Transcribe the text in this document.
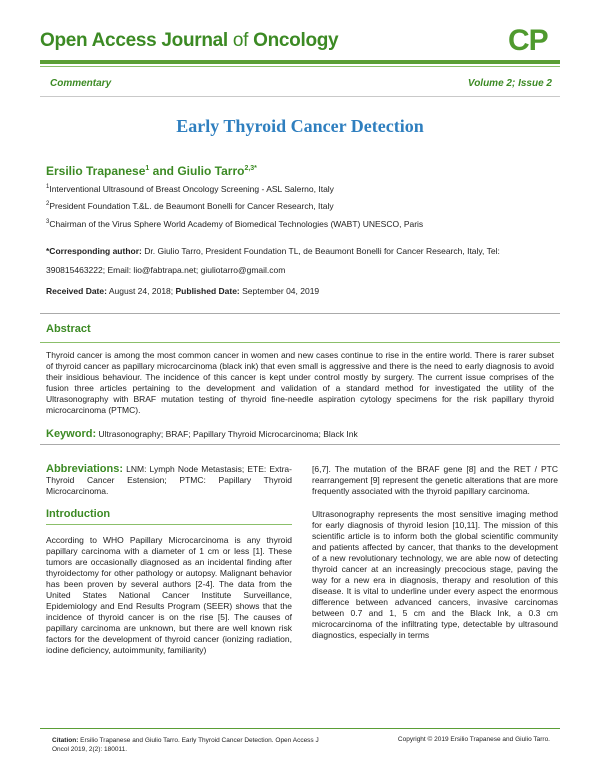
Open Access Journal of Oncology	CP
Commentary	Volume 2; Issue 2
Early Thyroid Cancer Detection
Ersilio Trapanese$^1$ and Giulio Tarro$^{2,3*}$
$^1$Interventional Ultrasound of Breast Oncology Screening - ASL Salerno, Italy
$^2$President Foundation T.&L. de Beaumont Bonelli for Cancer Research, Italy
$^3$Chairman of the Virus Sphere World Academy of Biomedical Technologies (WABT) UNESCO, Paris
*Corresponding author: Dr. Giulio Tarro, President Foundation TL, de Beaumont Bonelli for Cancer Research, Italy, Tel: 390815463222; Email: lio@fabtrapa.net; giuliotarro@gmail.com
Received Date: August 24, 2018; Published Date: September 04, 2019
Abstract

Thyroid cancer is among the most common cancer in women and new cases continue to rise in the entire world. There is rarer subset of thyroid cancer as papillary microcarcinoma (black ink) that even small is aggressive and there is the need to early diagnosis to avoid their insidious behaviour. The incidence of this cancer is kept under control mostly by surgery. The current issue comprises of the fusion three articles pertaining to the development and validation of a standard method for investigated the utility of the Ultrasonography with BRAF mutation testing of thyroid fine-needle aspiration cytology specimens for the risk papillary thyroid microcarcinoma (PTMC).

Keyword: Ultrasonography; BRAF; Papillary Thyroid Microcarcinoma; Black Ink

Abbreviations: LNM: Lymph Node Metastasis; ETE: Extra-Thyroid Cancer Estension; PTMC: Papillary Thyroid Microcarcinoma.

Introduction

According to WHO Papillary Microcarcinoma is any thyroid papillary carcinoma with a diameter of 1 cm or less [1]. These tumors are occasionally diagnosed as an incidental finding after thyroidectomy for other pathology or autopsy. Malignant behavior has been proven by several authors [2-4]. The data from the United States National Cancer Institute Surveillance, Epidemiology and End Results Program (SEER) shows that the incidence of thyroid cancer is on the rise [5]. The causes of papillary carcinoma are unknown, but there are well known risk factors for the development of thyroid cancer (ionizing radiation, iodine deficiency, autoimmunity, familiarity)

[6,7]. The mutation of the BRAF gene [8] and the RET / PTC rearrangement [9] represent the genetic alterations that are more frequently associated with the thyroid papillary carcinoma.

Ultrasonography represents the most sensitive imaging method for early diagnosis of thyroid lesion [10,11]. The mission of this scientific article is to inform both the global scientific community and patients affected by cancer, that thanks to the development of a new revolutionary technology, we are able now of detecting thyroid cancer at an increasingly precocious stage, paving the way for a new era in diagnosis, therapy and resolution of this disease. It is vital to underline under every aspect the enormous difference between advanced cancers, invasive carcinomas between 0.7 and 1, 5 cm and the Black Ink, a 0.3 cm microcarcinoma of the infiltrating type, detectable by ultrasound diagnostics, especially in terms

Citation: Ersilio Trapanese and Giulio Tarro. Early Thyroid Cancer Detection. Open Access J Oncol 2019, 2(2): 180011.
Copyright © 2019 Ersilio Trapanese and Giulio Tarro.
